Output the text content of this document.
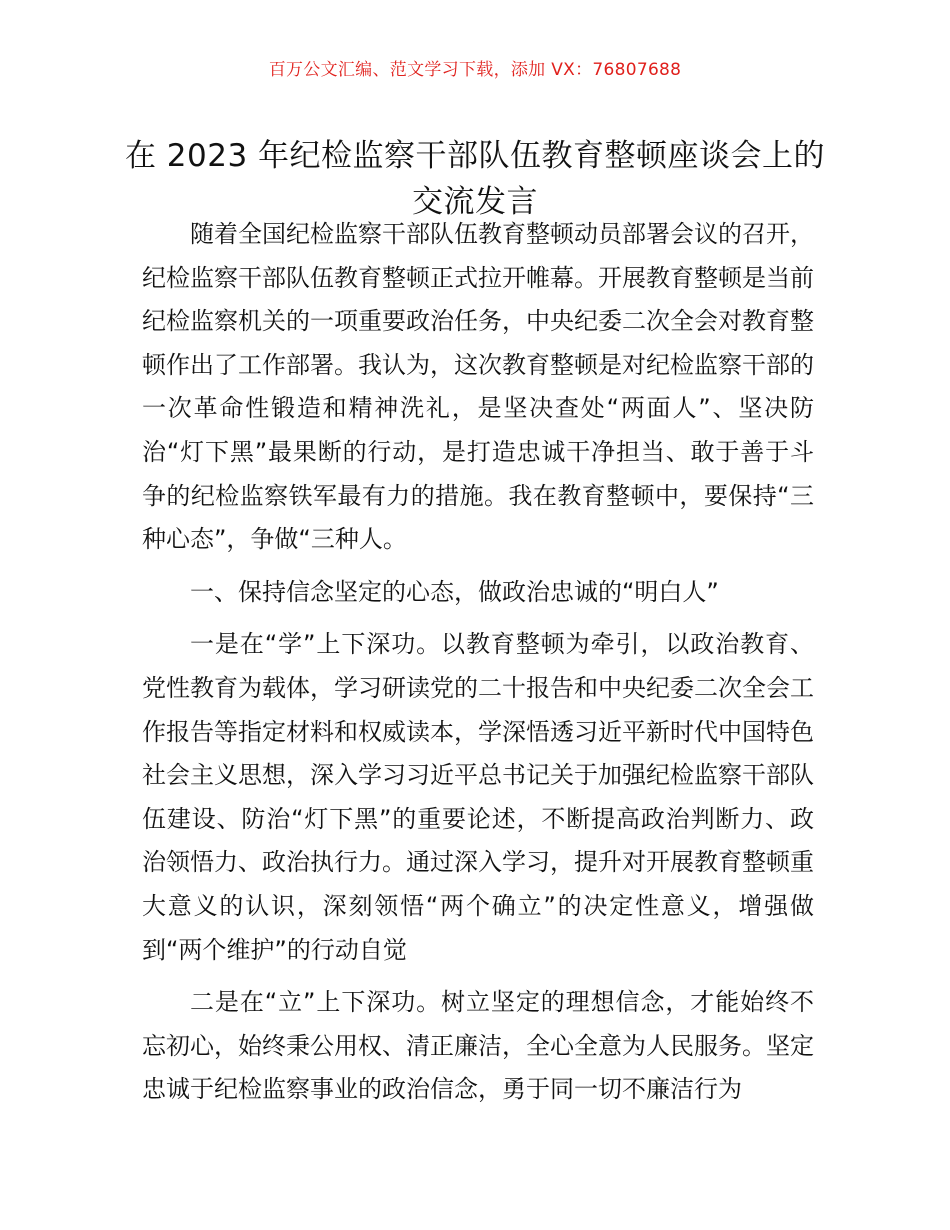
百万公文汇编、范文学习下载，添加 VX：76807688
在 2023 年纪检监察干部队伍教育整顿座谈会上的交流发言

随着全国纪检监察干部队伍教育整顿动员部署会议的召开，纪检监察干部队伍教育整顿正式拉开帷幕。开展教育整顿是当前纪检监察机关的一项重要政治任务，中央纪委二次全会对教育整顿作出了工作部署。我认为，这次教育整顿是对纪检监察干部的一次革命性锻造和精神洗礼，是坚决查处“两面人”、坚决防治“灯下黑”最果断的行动，是打造忠诚干净担当、敢于善于斗争的纪检监察铁军最有力的措施。我在教育整顿中，要保持“三种心态”，争做“三种人。

一、保持信念坚定的心态，做政治忠诚的“明白人”

一是在“学”上下深功。以教育整顿为牵引，以政治教育、党性教育为载体，学习研读党的二十报告和中央纪委二次全会工作报告等指定材料和权威读本，学深悟透习近平新时代中国特色社会主义思想，深入学习习近平总书记关于加强纪检监察干部队伍建设、防治“灯下黑”的重要论述，不断提高政治判断力、政治领悟力、政治执行力。通过深入学习，提升对开展教育整顿重大意义的认识，深刻领悟“两个确立”的决定性意义，增强做到“两个维护”的行动自觉

二是在“立”上下深功。树立坚定的理想信念，才能始终不忘初心，始终秉公用权、清正廉洁，全心全意为人民服务。坚定忠诚于纪检监察事业的政治信念，勇于同一切不廉洁行为
